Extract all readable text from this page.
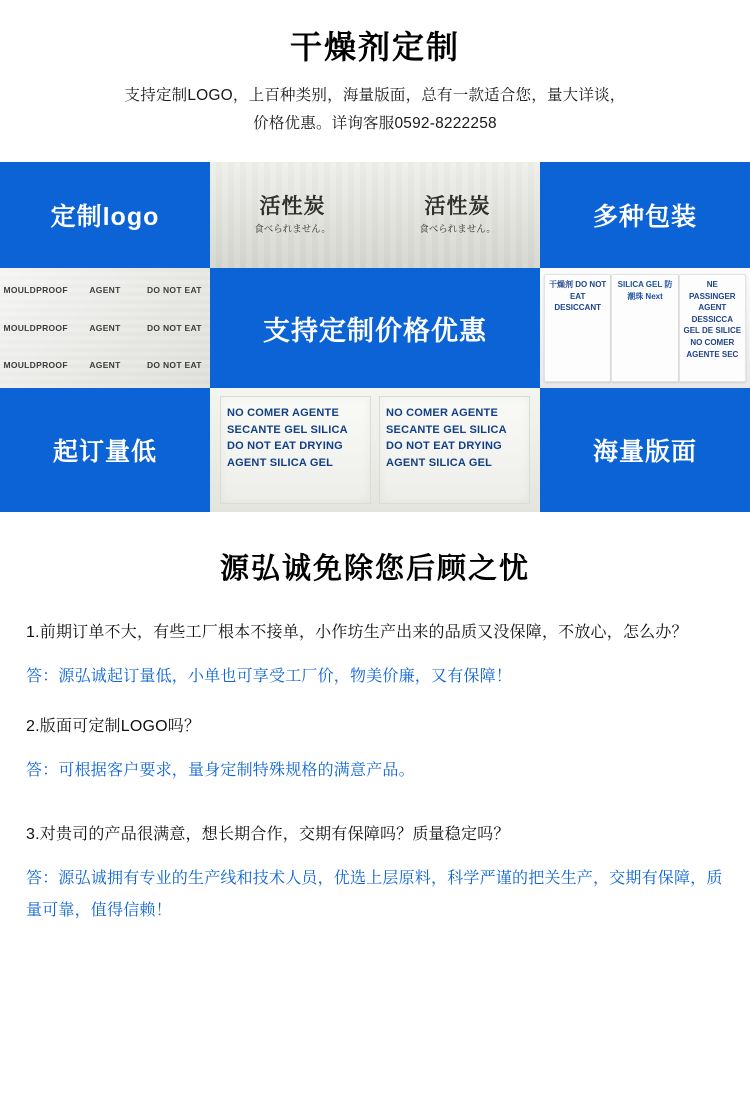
干燥剂定制
支持定制LOGO，上百种类别，海量版面，总有一款适合您，量大详谈，
价格优惠。详询客服0592-8222258
定制logo	活性炭
食べられません。
活性炭
食べられません。	多种包装
MOULDPROOF	AGENT	DO NOT EAT
MOULDPROOF	AGENT	DO NOT EAT
MOULDPROOF	AGENT	DO NOT EAT
支持定制价格优惠
干燥剂 DO NOT EAT DESICCANT
SILICA GEL 防潮珠 Next
NE PASSINGER AGENT DESSICCA GEL DE SILICE NO COMER AGENTE SEC
起订量低
NO COMER AGENTE SECANTE GEL SILICA DO NOT EAT DRYING AGENT SILICA GEL
NO COMER AGENTE SECANTE GEL SILICA DO NOT EAT DRYING AGENT SILICA GEL	海量版面
源弘诚免除您后顾之忧
1.前期订单不大，有些工厂根本不接单，小作坊生产出来的品质又没保障，不放心，怎么办？
答：源弘诚起订量低，小单也可享受工厂价，物美价廉，又有保障！
2.版面可定制LOGO吗？
答：可根据客户要求，量身定制特殊规格的满意产品。
3.对贵司的产品很满意，想长期合作，交期有保障吗？质量稳定吗？
答：源弘诚拥有专业的生产线和技术人员，优选上层原料，科学严谨的把关生产，交期有保障，质量可靠，值得信赖！
